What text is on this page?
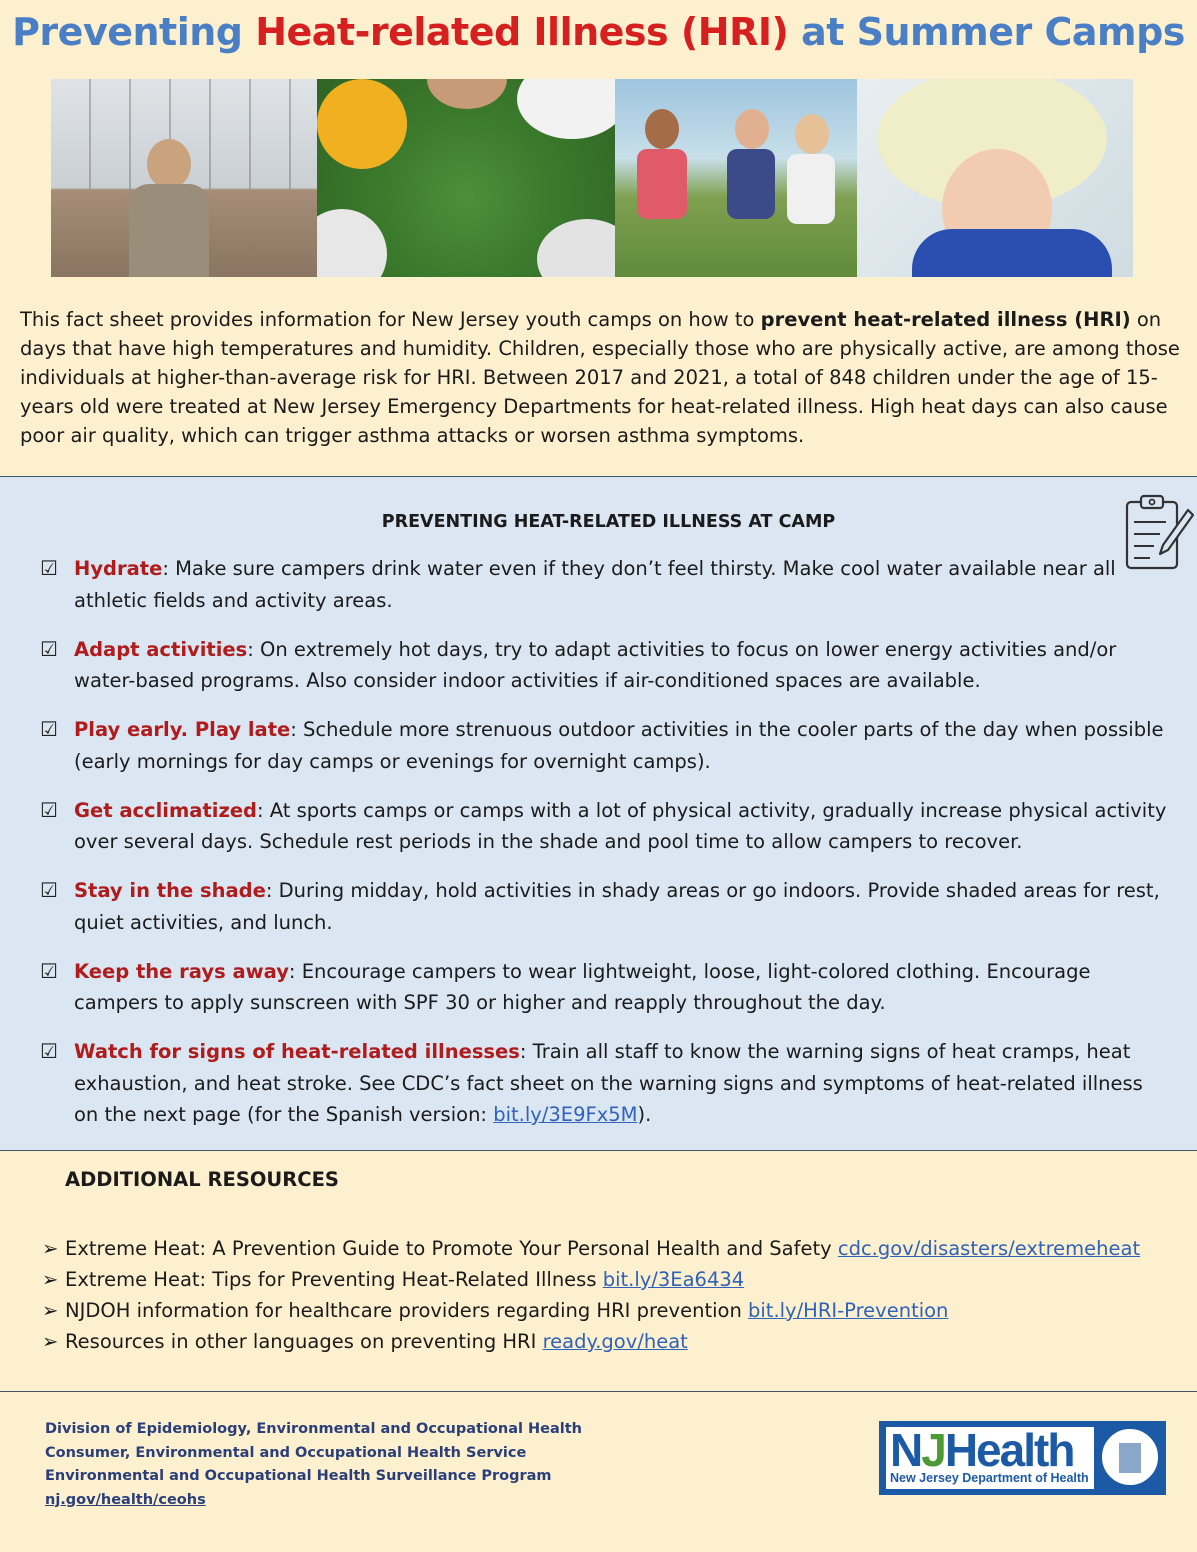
Preventing Heat-related Illness (HRI) at Summer Camps
This fact sheet provides information for New Jersey youth camps on how to prevent heat-related illness (HRI) on days that have high temperatures and humidity. Children, especially those who are physically active, are among those individuals at higher-than-average risk for HRI. Between 2017 and 2021, a total of 848 children under the age of 15-years old were treated at New Jersey Emergency Departments for heat-related illness. High heat days can also cause poor air quality, which can trigger asthma attacks or worsen asthma symptoms.
PREVENTING HEAT-RELATED ILLNESS AT CAMP
☑ Hydrate: Make sure campers drink water even if they don’t feel thirsty. Make cool water available near all athletic fields and activity areas.
☑ Adapt activities: On extremely hot days, try to adapt activities to focus on lower energy activities and/or water-based programs. Also consider indoor activities if air-conditioned spaces are available.
☑ Play early. Play late: Schedule more strenuous outdoor activities in the cooler parts of the day when possible (early mornings for day camps or evenings for overnight camps).
☑ Get acclimatized: At sports camps or camps with a lot of physical activity, gradually increase physical activity over several days. Schedule rest periods in the shade and pool time to allow campers to recover.
☑ Stay in the shade: During midday, hold activities in shady areas or go indoors. Provide shaded areas for rest, quiet activities, and lunch.
☑ Keep the rays away: Encourage campers to wear lightweight, loose, light-colored clothing. Encourage campers to apply sunscreen with SPF 30 or higher and reapply throughout the day.
☑ Watch for signs of heat-related illnesses: Train all staff to know the warning signs of heat cramps, heat exhaustion, and heat stroke. See CDC’s fact sheet on the warning signs and symptoms of heat-related illness on the next page (for the Spanish version: bit.ly/3E9Fx5M).
ADDITIONAL RESOURCES
➢ Extreme Heat: A Prevention Guide to Promote Your Personal Health and Safety cdc.gov/disasters/extremeheat
➢ Extreme Heat: Tips for Preventing Heat-Related Illness bit.ly/3Ea6434
➢ NJDOH information for healthcare providers regarding HRI prevention bit.ly/HRI-Prevention
➢ Resources in other languages on preventing HRI ready.gov/heat
Division of Epidemiology, Environmental and Occupational Health
Consumer, Environmental and Occupational Health Service
Environmental and Occupational Health Surveillance Program
nj.gov/health/ceohs
NJHealth
New Jersey Department of Health
